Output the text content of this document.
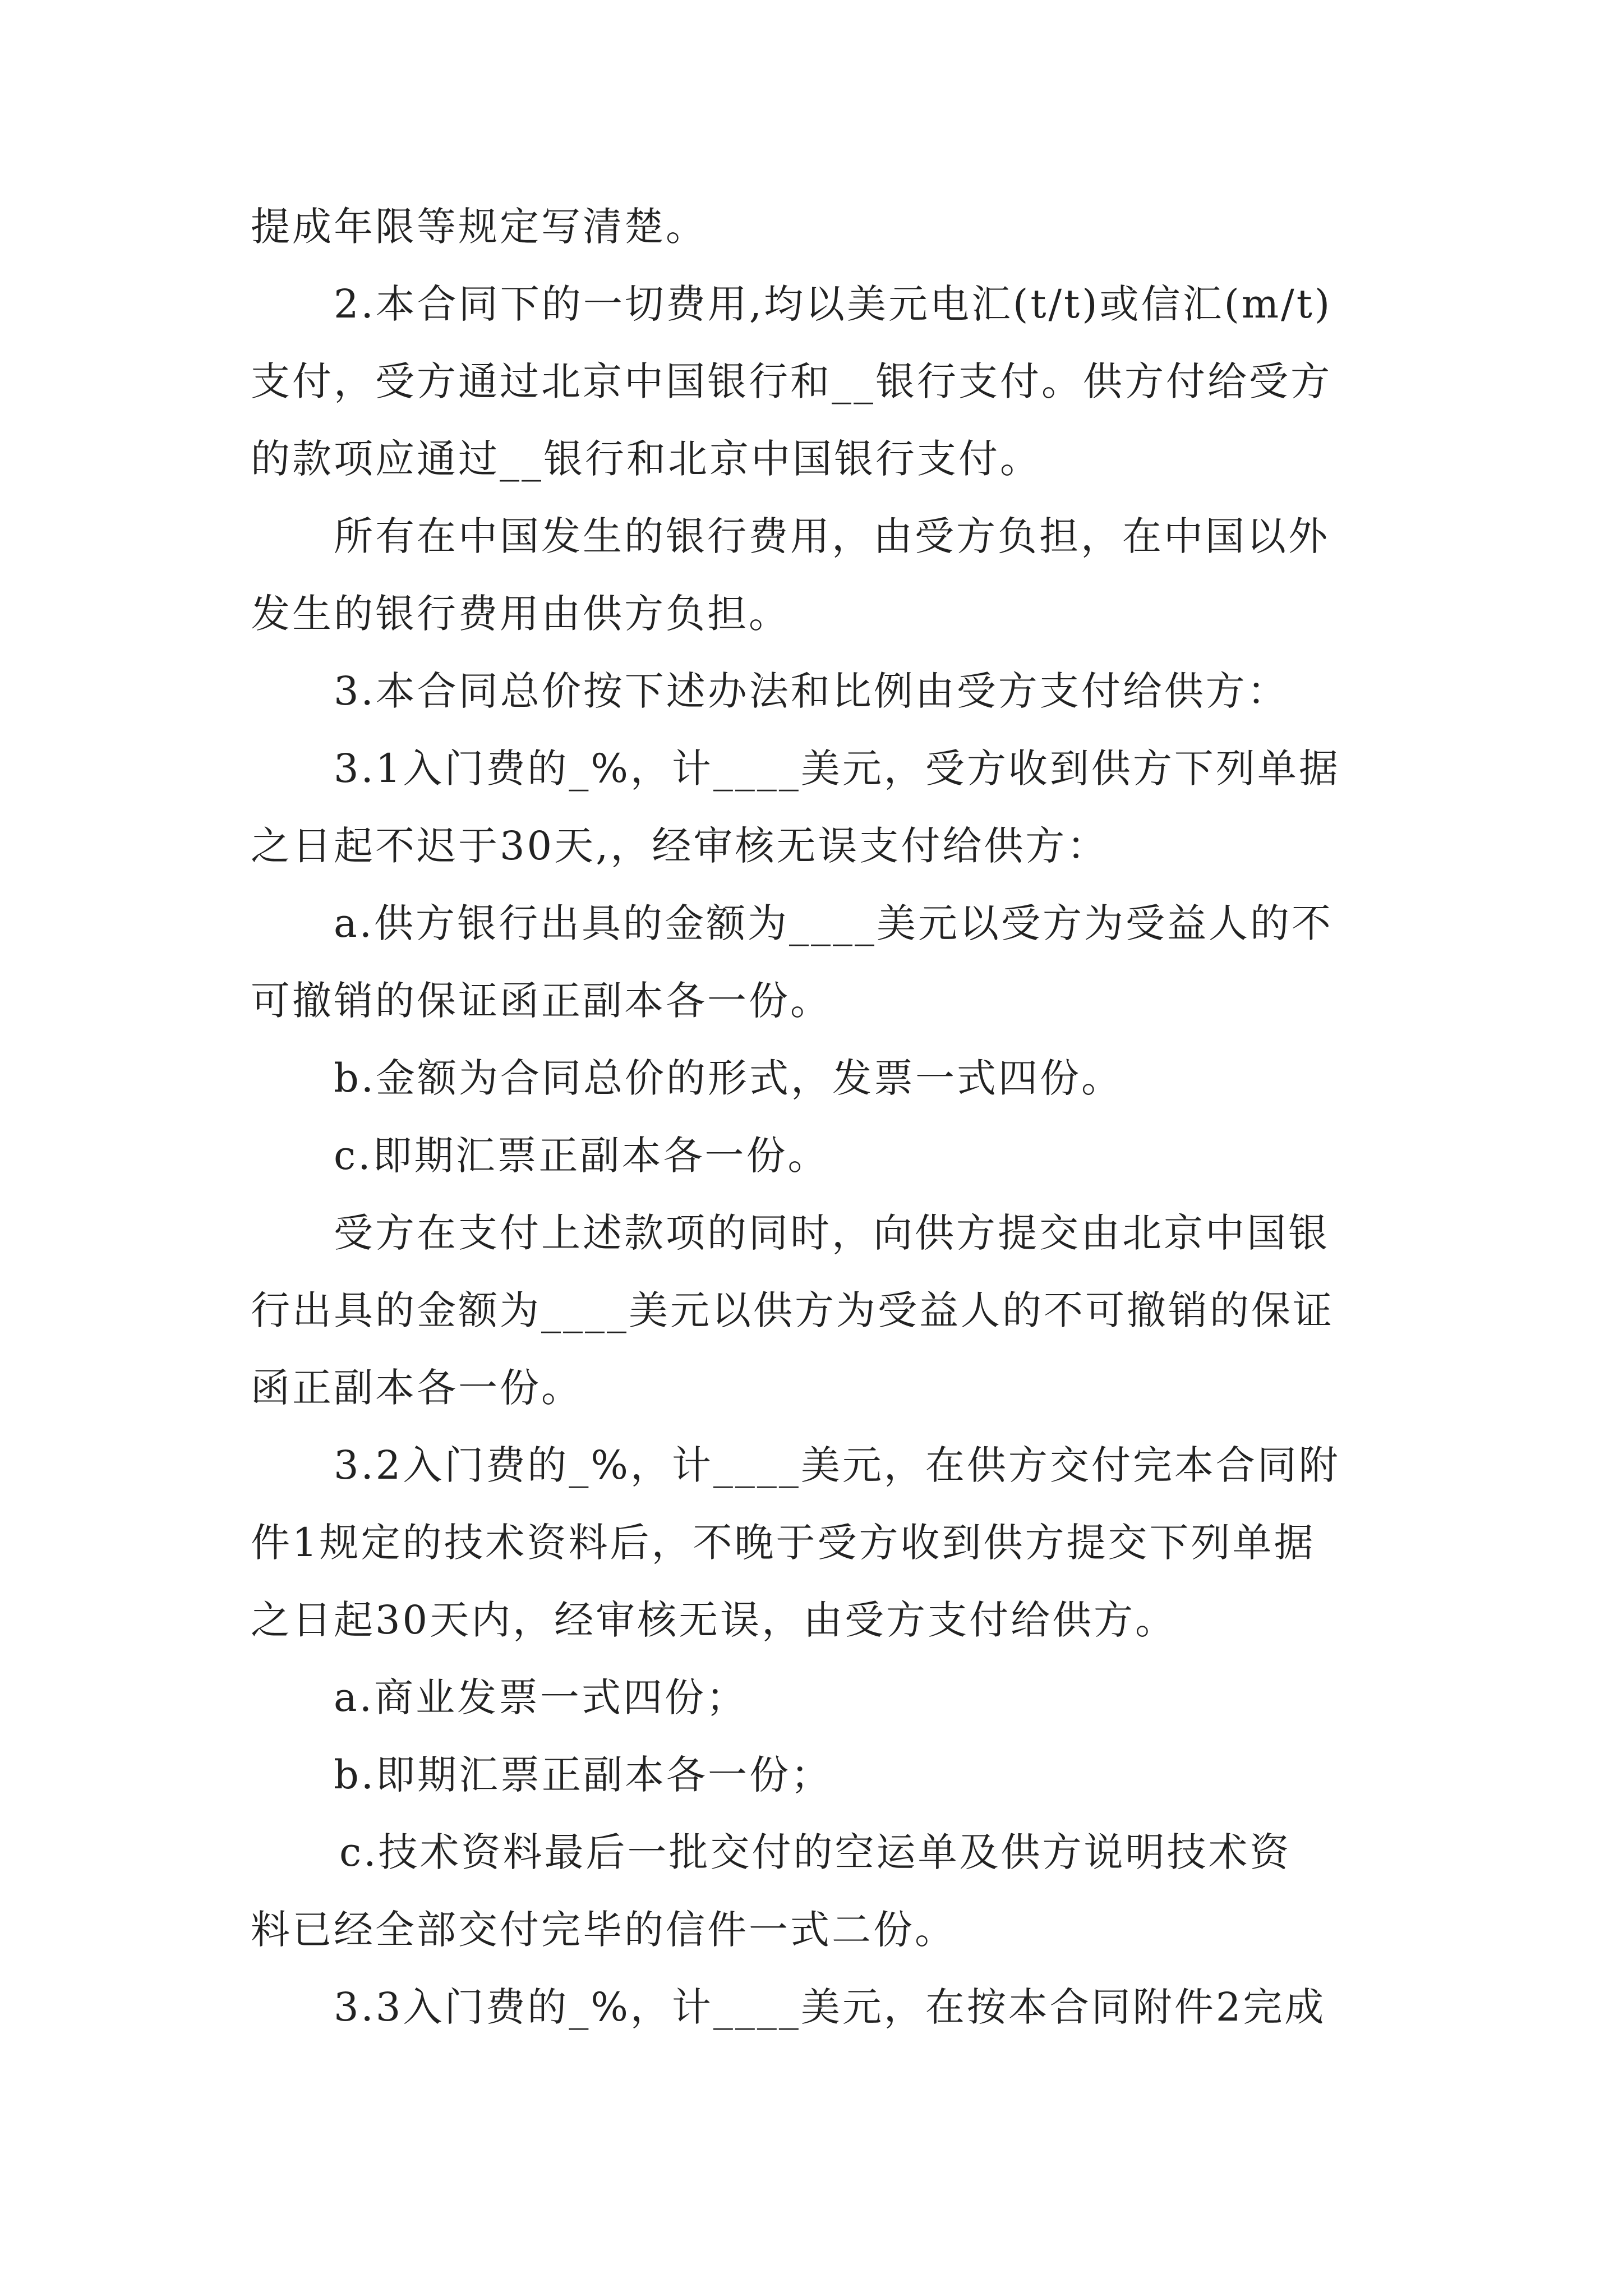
提成年限等规定写清楚。
2.本合同下的一切费用,均以美元电汇(t/t)或信汇(m/t)
支付，受方通过北京中国银行和__银行支付。供方付给受方
的款项应通过__银行和北京中国银行支付。
所有在中国发生的银行费用，由受方负担，在中国以外
发生的银行费用由供方负担。
3.本合同总价按下述办法和比例由受方支付给供方：
3.1入门费的_%，计____美元，受方收到供方下列单据
之日起不迟于30天,，经审核无误支付给供方：
a.供方银行出具的金额为____美元以受方为受益人的不
可撤销的保证函正副本各一份。
b.金额为合同总价的形式，发票一式四份。
c.即期汇票正副本各一份。
受方在支付上述款项的同时，向供方提交由北京中国银
行出具的金额为____美元以供方为受益人的不可撤销的保证
函正副本各一份。
3.2入门费的_%，计____美元，在供方交付完本合同附
件1规定的技术资料后，不晚于受方收到供方提交下列单据
之日起30天内，经审核无误，由受方支付给供方。
a.商业发票一式四份；
b.即期汇票正副本各一份；
c.技术资料最后一批交付的空运单及供方说明技术资
料已经全部交付完毕的信件一式二份。
3.3入门费的_%，计____美元，在按本合同附件2完成
